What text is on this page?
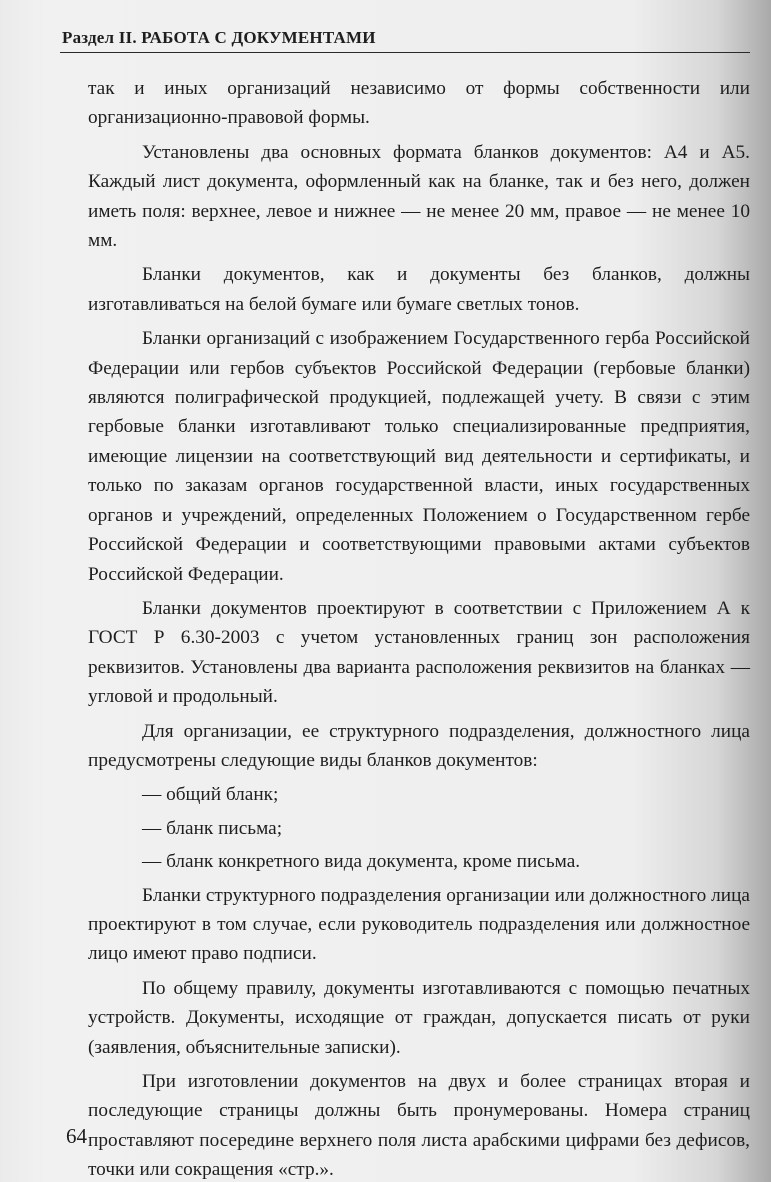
Раздел II. РАБОТА С ДОКУМЕНТАМИ

так и иных организаций независимо от формы собственности или организационно-правовой формы.

Установлены два основных формата бланков документов: А4 и А5. Каждый лист документа, оформленный как на бланке, так и без него, должен иметь поля: верхнее, левое и нижнее — не менее 20 мм, правое — не менее 10 мм.

Бланки документов, как и документы без бланков, должны изготавливаться на белой бумаге или бумаге светлых тонов.

Бланки организаций с изображением Государственного герба Российской Федерации или гербов субъектов Российской Федерации (гербовые бланки) являются полиграфической продукцией, подлежащей учету. В связи с этим гербовые бланки изготавливают только специализированные предприятия, имеющие лицензии на соответствующий вид деятельности и сертификаты, и только по заказам органов государственной власти, иных государственных органов и учреждений, определенных Положением о Государственном гербе Российской Федерации и соответствующими правовыми актами субъектов Российской Федерации.

Бланки документов проектируют в соответствии с Приложением А к ГОСТ Р 6.30-2003 с учетом установленных границ зон расположения реквизитов. Установлены два варианта расположения реквизитов на бланках — угловой и продольный.

Для организации, ее структурного подразделения, должностного лица предусмотрены следующие виды бланков документов:

— общий бланк;

— бланк письма;

— бланк конкретного вида документа, кроме письма.

Бланки структурного подразделения организации или должностного лица проектируют в том случае, если руководитель подразделения или должностное лицо имеют право подписи.

По общему правилу, документы изготавливаются с помощью печатных устройств. Документы, исходящие от граждан, допускается писать от руки (заявления, объяснительные записки).

При изготовлении документов на двух и более страницах вторая и последующие страницы должны быть пронумерованы. Номера страниц проставляют посередине верхнего поля листа арабскими цифрами без дефисов, точки или сокращения «стр.».

64
